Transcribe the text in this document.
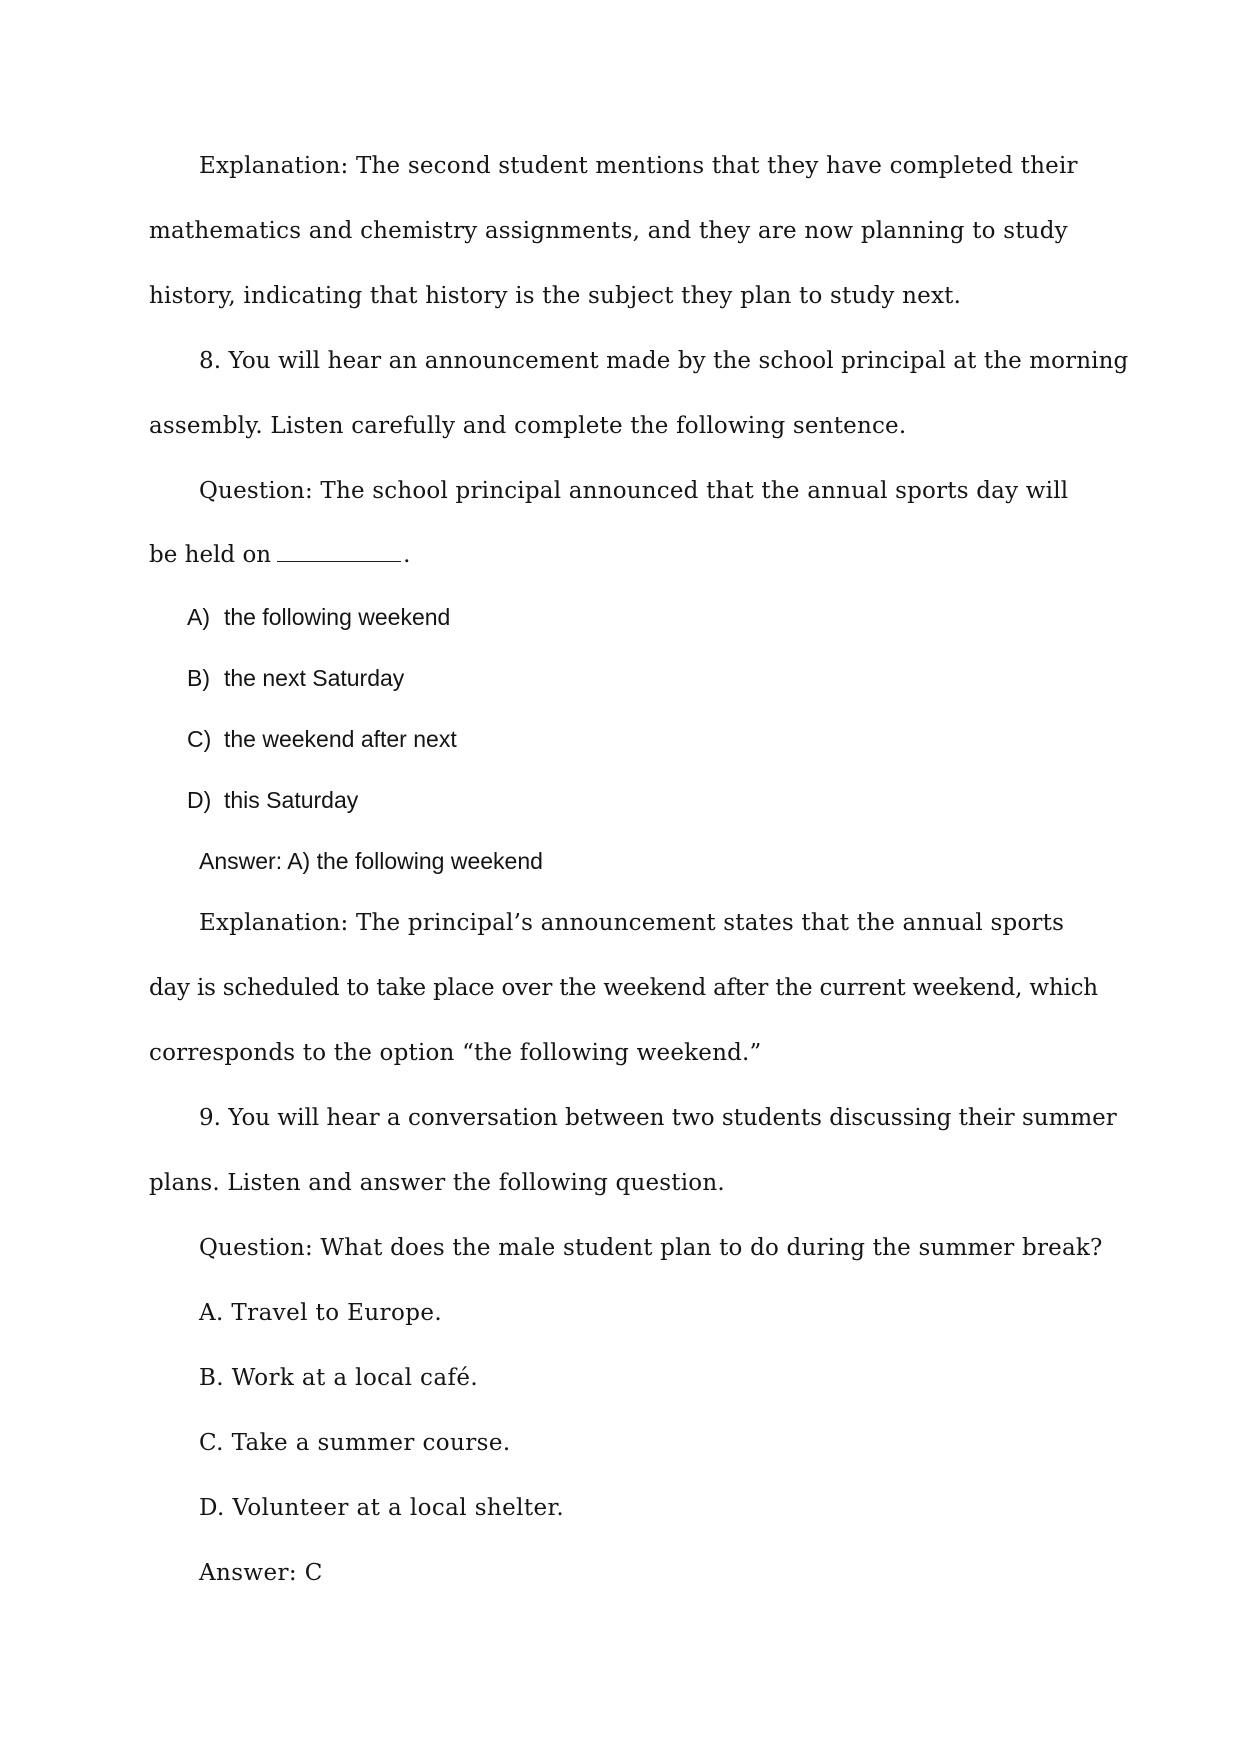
Explanation: The second student mentions that they have completed their
mathematics and chemistry assignments, and they are now planning to study
history, indicating that history is the subject they plan to study next.
8. You will hear an announcement made by the school principal at the morning
assembly. Listen carefully and complete the following sentence.
Question: The school principal announced that the annual sports day will
be held on	.
A) the following weekend
B) the next Saturday
C) the weekend after next
D) this Saturday
Answer: A) the following weekend
Explanation: The principal’s announcement states that the annual sports
day is scheduled to take place over the weekend after the current weekend, which
corresponds to the option “the following weekend.”
9. You will hear a conversation between two students discussing their summer
plans. Listen and answer the following question.
Question: What does the male student plan to do during the summer break?
A. Travel to Europe.
B. Work at a local café.
C. Take a summer course.
D. Volunteer at a local shelter.
Answer: C
